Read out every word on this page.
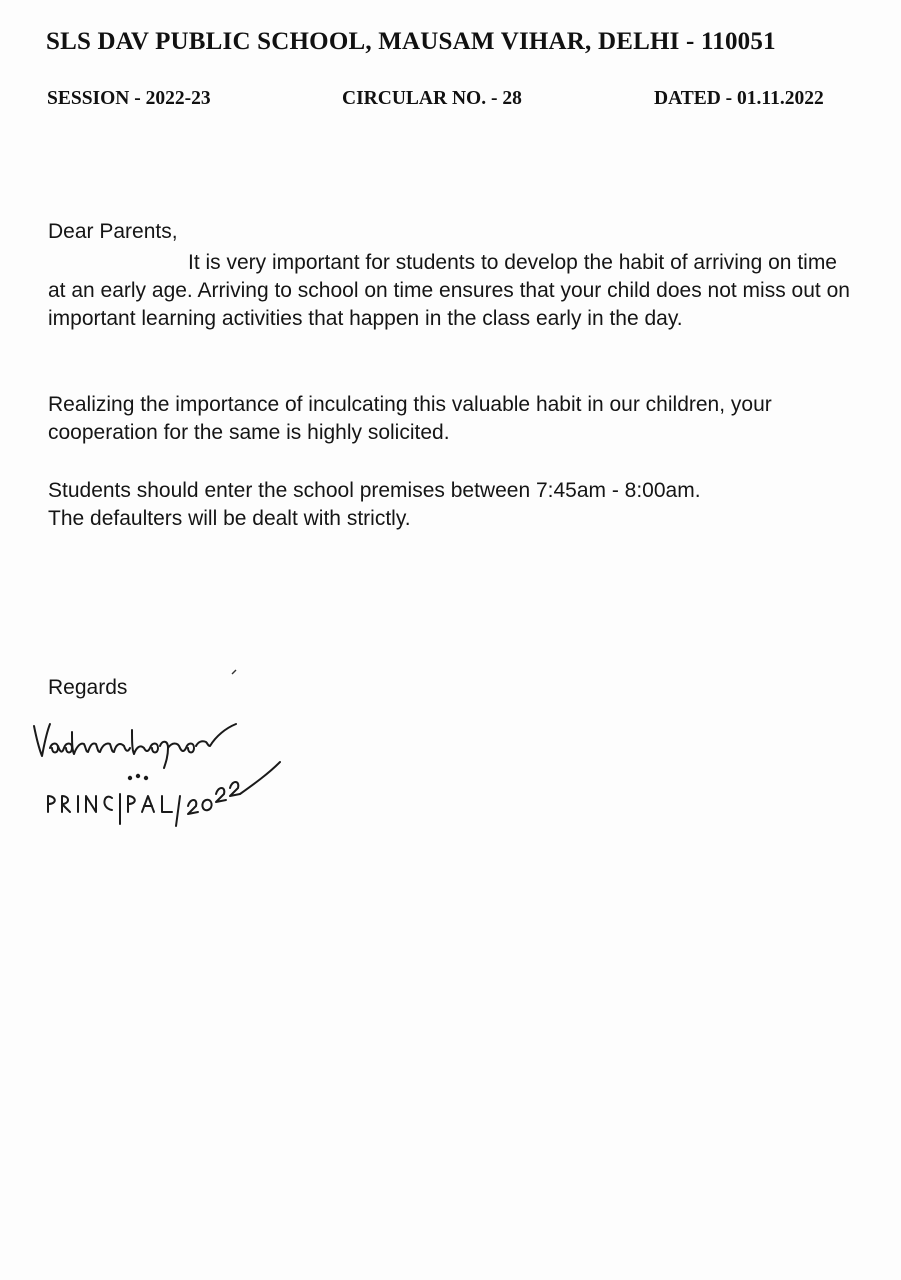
SLS DAV PUBLIC SCHOOL, MAUSAM VIHAR, DELHI - 110051
SESSION - 2022-23	CIRCULAR NO. - 28	DATED - 01.11.2022
Dear Parents,
It is very important for students to develop the habit of arriving on time at an early age. Arriving to school on time ensures that your child does not miss out on important learning activities that happen in the class early in the day.
Realizing the importance of inculcating this valuable habit in our children, your cooperation for the same is highly solicited.
Students should enter the school premises between 7:45am - 8:00am.
The defaulters will be dealt with strictly.
Regards
